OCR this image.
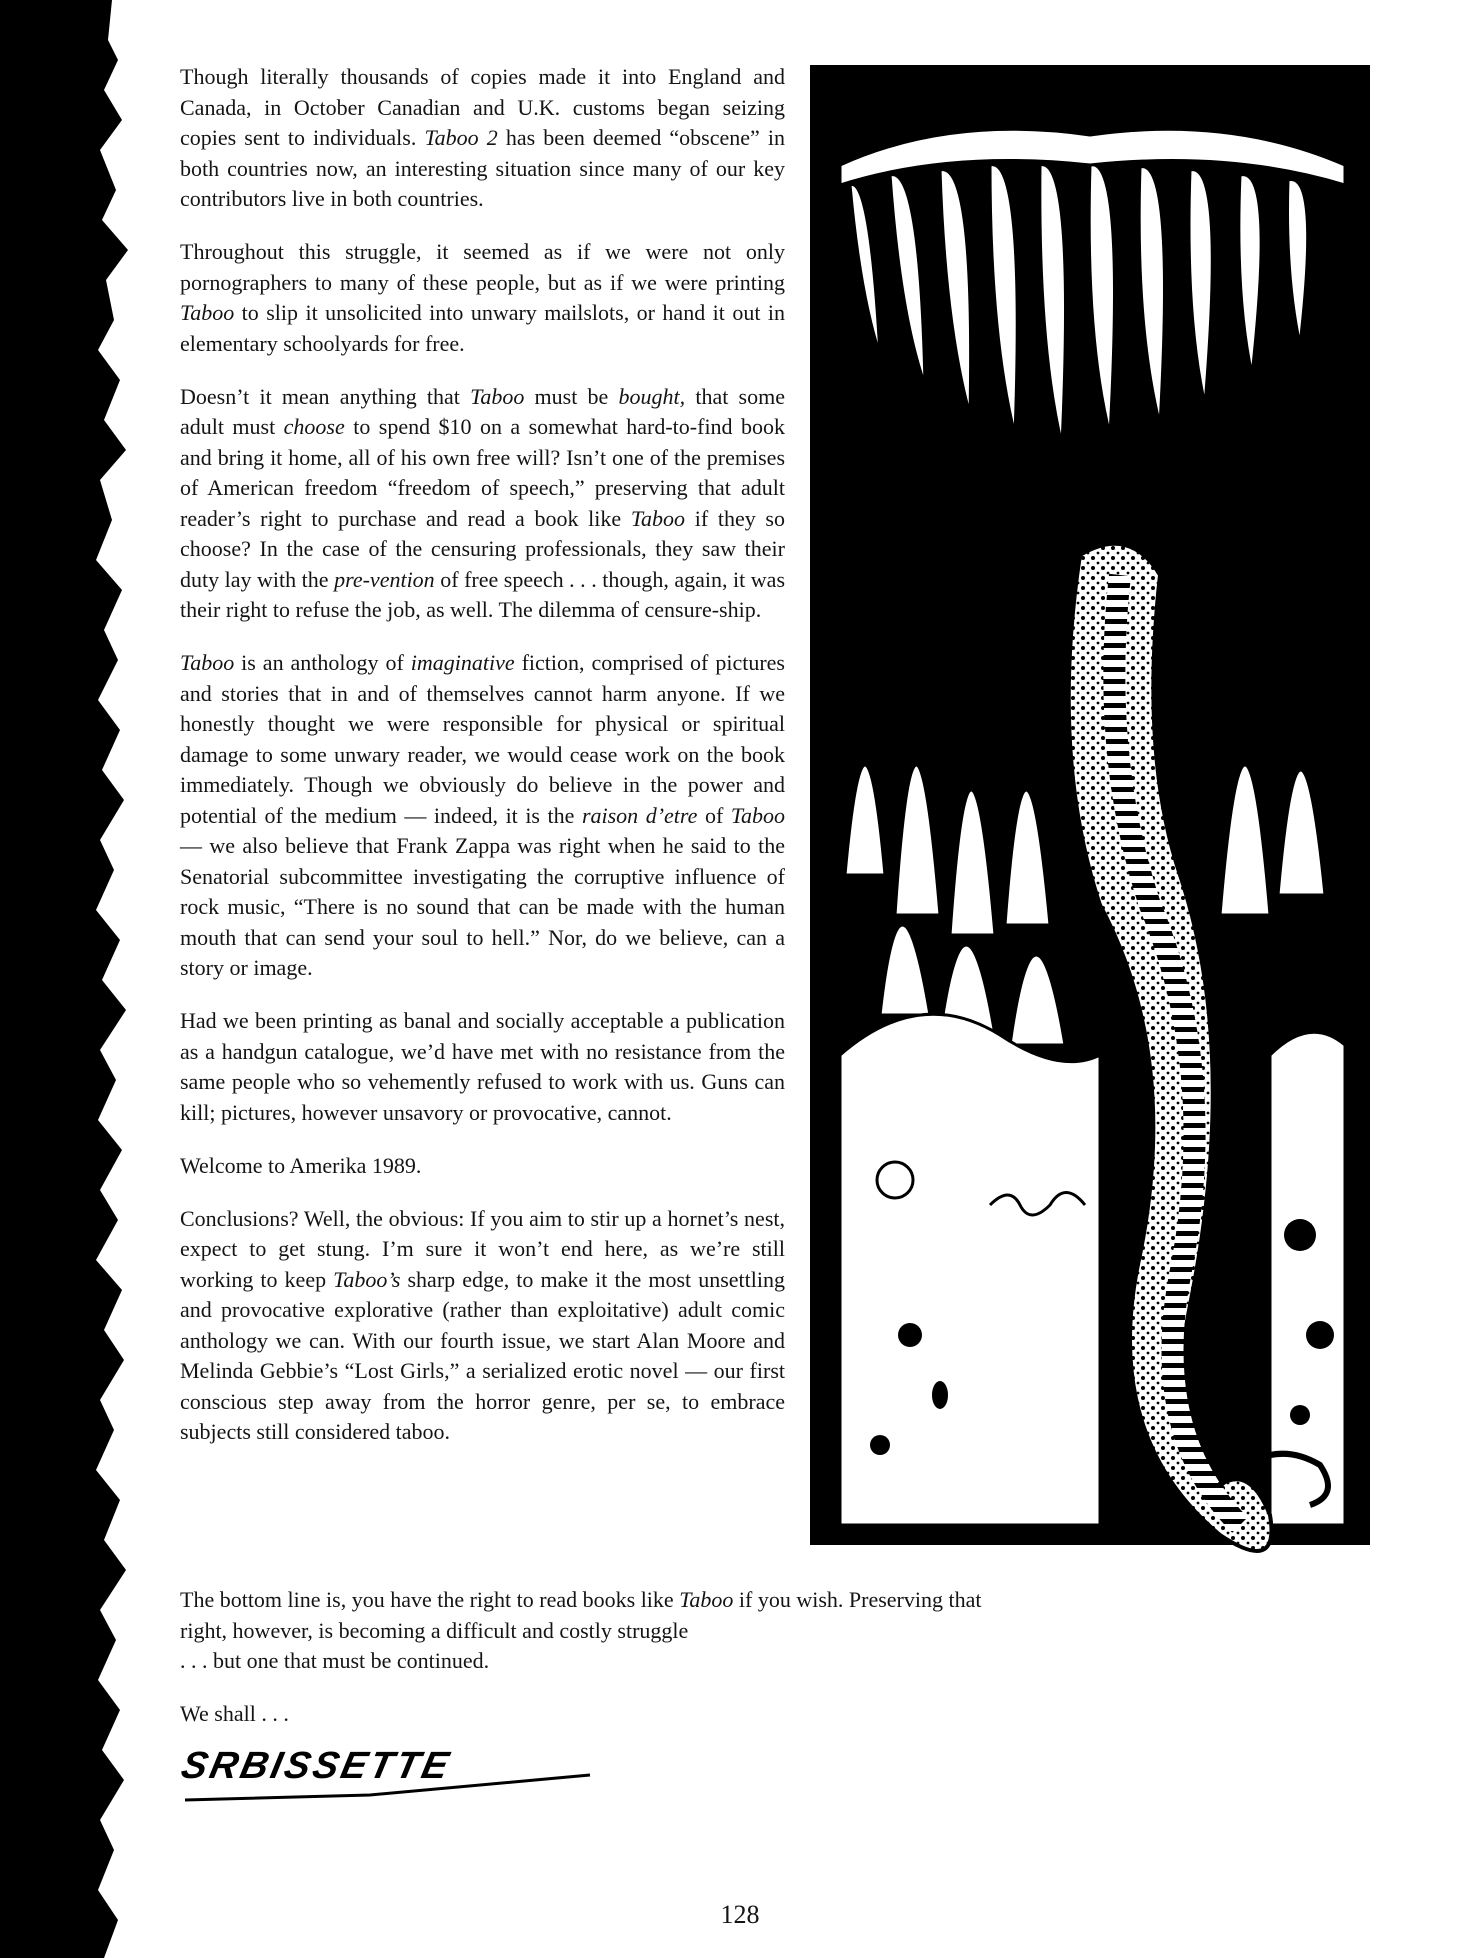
Though literally thousands of copies made it into England and Canada, in October Canadian and U.K. customs began seizing copies sent to individuals. Taboo 2 has been deemed “obscene” in both countries now, an interesting situation since many of our key contributors live in both countries.

Throughout this struggle, it seemed as if we were not only pornographers to many of these people, but as if we were printing Taboo to slip it unsolicited into unwary mailslots, or hand it out in elementary schoolyards for free.

Doesn’t it mean anything that Taboo must be bought, that some adult must choose to spend $10 on a somewhat hard-to-find book and bring it home, all of his own free will? Isn’t one of the premises of American freedom “freedom of speech,” preserving that adult reader’s right to purchase and read a book like Taboo if they so choose? In the case of the censuring professionals, they saw their duty lay with the pre-vention of free speech . . . though, again, it was their right to refuse the job, as well. The dilemma of censure-ship.

Taboo is an anthology of imaginative fiction, comprised of pictures and stories that in and of themselves cannot harm anyone. If we honestly thought we were responsible for physical or spiritual damage to some unwary reader, we would cease work on the book immediately. Though we obviously do believe in the power and potential of the medium — indeed, it is the raison d’etre of Taboo — we also believe that Frank Zappa was right when he said to the Senatorial subcommittee investigating the corruptive influence of rock music, “There is no sound that can be made with the human mouth that can send your soul to hell.” Nor, do we believe, can a story or image.

Had we been printing as banal and socially acceptable a publication as a handgun catalogue, we’d have met with no resistance from the same people who so vehemently refused to work with us. Guns can kill; pictures, however unsavory or provocative, cannot.

Welcome to Amerika 1989.

Conclusions? Well, the obvious: If you aim to stir up a hornet’s nest, expect to get stung. I’m sure it won’t end here, as we’re still working to keep Taboo’s sharp edge, to make it the most unsettling and provocative explorative (rather than exploitative) adult comic anthology we can. With our fourth issue, we start Alan Moore and Melinda Gebbie’s “Lost Girls,” a serialized erotic novel — our first conscious step away from the horror genre, per se, to embrace subjects still considered taboo.

The bottom line is, you have the right to read books like Taboo if you wish. Preserving that right, however, is becoming a difficult and costly struggle
. . . but one that must be continued.

We shall . . .

SRBISSETTE
128
